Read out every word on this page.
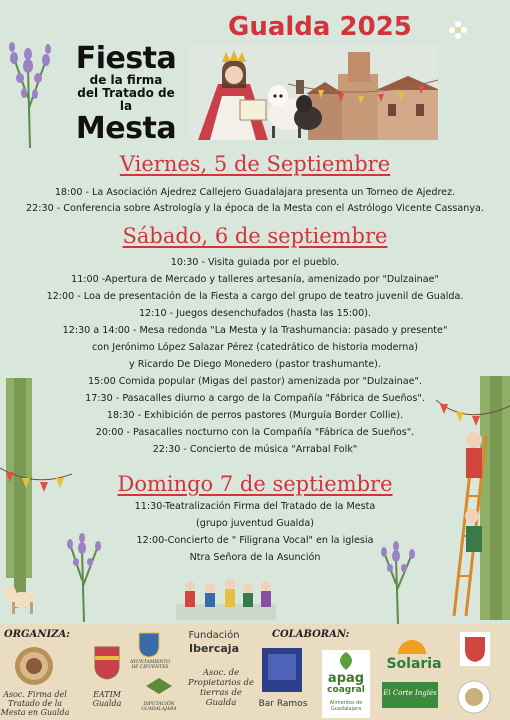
Fiesta
de la firma
del Tratado de la
Mesta
Gualda 2025
Viernes, 5 de Septiembre
18:00 - La Asociación Ajedrez Callejero Guadalajara presenta un Torneo de Ajedrez.
22:30 - Conferencia sobre Astrología y la época de la Mesta con el Astrólogo Vicente Cassanya.
Sábado, 6 de septiembre
10:30 - Visita guiada por el pueblo.
11:00 -Apertura de Mercado y talleres artesanía, amenizado por "Dulzainae"
12:00 - Loa de presentación de la Fiesta a cargo del grupo de teatro juvenil de Gualda.
12:10 - Juegos desenchufados (hasta las 15:00).
12:30 a 14:00 - Mesa redonda "La Mesta y la Trashumancia: pasado y presente"
con Jerónimo López Salazar Pérez (catedrático de historia moderna)
y Ricardo De Diego Monedero (pastor trashumante).
15:00 Comida popular (Migas del pastor) amenizada por "Dulzainae".
17:30 - Pasacalles diurno a cargo de la Compañía "Fábrica de Sueños".
18:30 - Exhibición de perros pastores (Murguía Border Collie).
20:00 - Pasacalles nocturno con la Compañía "Fábrica de Sueños".
22:30 - Concierto de música "Arrabal Folk"
Domingo 7 de septiembre
11:30-Teatralización Firma del Tratado de la Mesta
(grupo juventud Gualda)
12:00-Concierto de " Filigrana Vocal" en la iglesia
Ntra Señora de la Asunción
ORGANIZA:	COLABORAN:
Asoc. Firma del Tratado de la Mesta en Gualda
EATIM Gualda
AYUNTAMIENTO DE CIFUENTES
DIPUTACIÓN GUADALAJARA
Fundación
Ibercaja
Asoc. de Propietarios de tierras de Gualda	Bar Ramos
apag
coagral
Alimentos de Guadalajara
Solaria
El Corte Inglés
